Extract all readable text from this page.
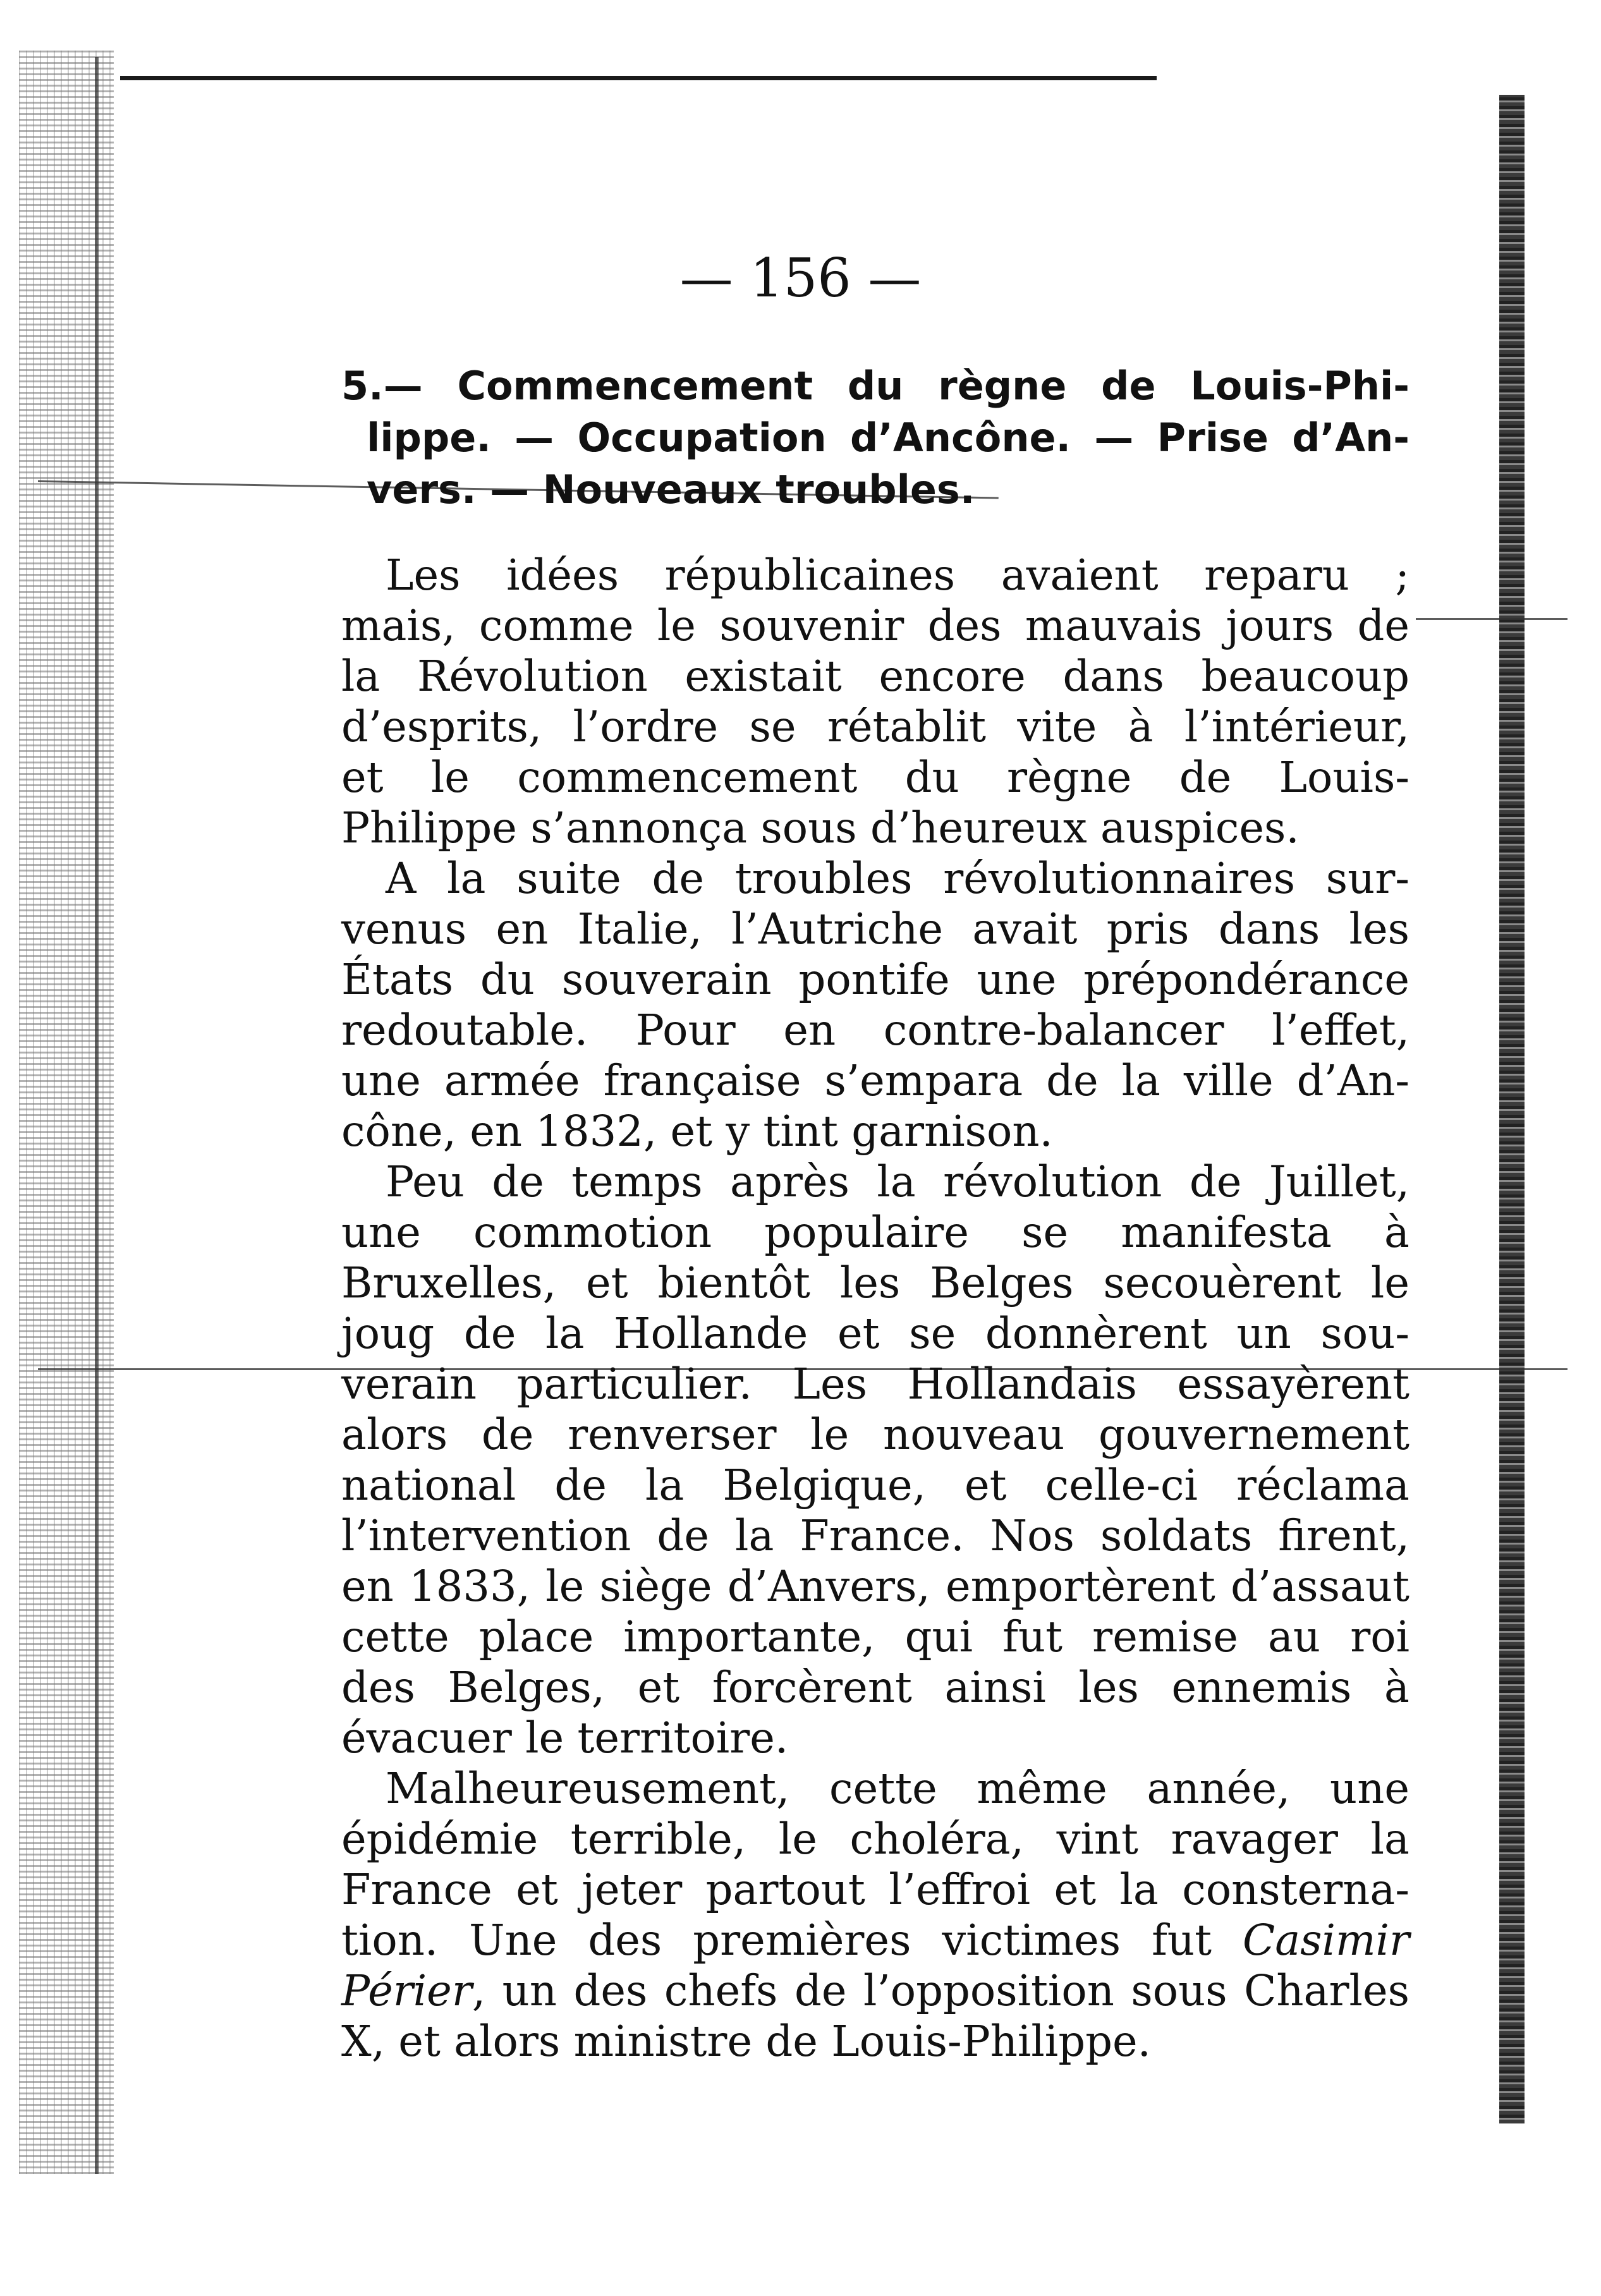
— 156 —
5.— Commencement du règne de Louis-Phi-
lippe. — Occupation d’Ancône. — Prise d’An-
vers. — Nouveaux troubles.
Les idées républicaines avaient reparu ;
mais, comme le souvenir des mauvais jours de
la Révolution existait encore dans beaucoup
d’esprits, l’ordre se rétablit vite à l’intérieur,
et le commencement du règne de Louis-
Philippe s’annonça sous d’heureux auspices.
A la suite de troubles révolutionnaires sur-
venus en Italie, l’Autriche avait pris dans les
États du souverain pontife une prépondérance
redoutable. Pour en contre-balancer l’effet,
une armée française s’empara de la ville d’An-
cône, en 1832, et y tint garnison.
Peu de temps après la révolution de Juillet,
une commotion populaire se manifesta à
Bruxelles, et bientôt les Belges secouèrent le
joug de la Hollande et se donnèrent un sou-
verain particulier. Les Hollandais essayèrent
alors de renverser le nouveau gouvernement
national de la Belgique, et celle-ci réclama
l’intervention de la France. Nos soldats firent,
en 1833, le siège d’Anvers, emportèrent d’assaut
cette place importante, qui fut remise au roi
des Belges, et forcèrent ainsi les ennemis à
évacuer le territoire.
Malheureusement, cette même année, une
épidémie terrible, le choléra, vint ravager la
France et jeter partout l’effroi et la consterna-
tion. Une des premières victimes fut Casimir
Périer, un des chefs de l’opposition sous Charles
X, et alors ministre de Louis-Philippe.
